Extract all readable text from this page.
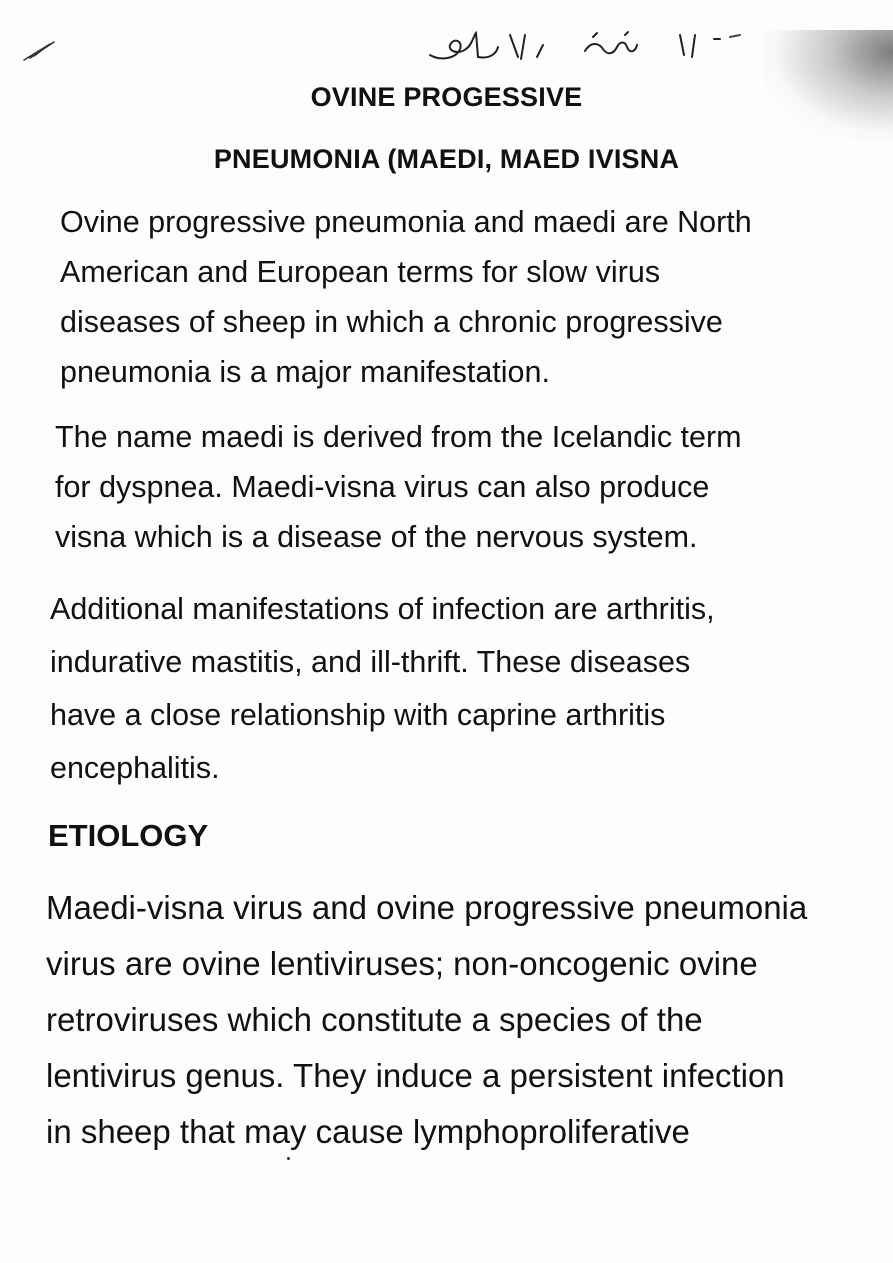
OVINE PROGESSIVE
PNEUMONIA (MAEDI, MAED IVISNA

Ovine progressive pneumonia and maedi are North
American and European terms for slow virus
diseases of sheep in which a chronic progressive
pneumonia is a major manifestation.

The name maedi is derived from the Icelandic term
for dyspnea. Maedi-visna virus can also produce
visna which is a disease of the nervous system.

Additional manifestations of infection are arthritis,
indurative mastitis, and ill-thrift. These diseases
have a close relationship with caprine arthritis
encephalitis.

ETIOLOGY

Maedi-visna virus and ovine progressive pneumonia
virus are ovine lentiviruses; non-oncogenic ovine
retroviruses which constitute a species of the
lentivirus genus. They induce a persistent infection
in sheep that may cause lymphoproliferative
